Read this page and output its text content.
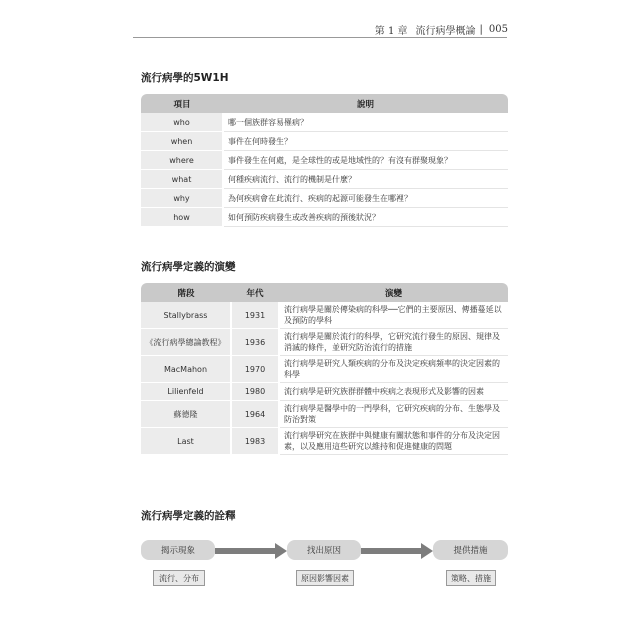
第 1 章 流行病學概論 | 005
流行病學的5W1H
項目	說明
who	哪一個族群容易罹病？
when	事件在何時發生？
where	事件發生在何處，是全球性的或是地域性的？有沒有群聚現象？
what	何種疾病流行、流行的機制是什麼？
why	為何疾病會在此流行、疾病的起源可能發生在哪裡？
how	如何預防疾病發生或改善疾病的預後狀況？
流行病學定義的演變
階段	年代	演變
Stallybrass	1931	流行病學是關於傳染病的科學──它們的主要原因、傳播蔓延以及預防的學科
《流行病學總論教程》	1936	流行病學是關於流行的科學，它研究流行發生的原因、規律及消滅的條件，並研究防治流行的措施
MacMahon	1970	流行病學是研究人類疾病的分布及決定疾病頻率的決定因素的科學
Lilienfeld	1980	流行病學是研究族群群體中疾病之表現形式及影響的因素
蘇德隆	1964	流行病學是醫學中的一門學科，它研究疾病的分布、生態學及防治對策
Last	1983	流行病學研究在族群中與健康有關狀態和事件的分布及決定因素，以及應用這些研究以維持和促進健康的問題
流行病學定義的詮釋
揭示現象	找出原因	提供措施
流行、分布	原因影響因素	策略、措施
